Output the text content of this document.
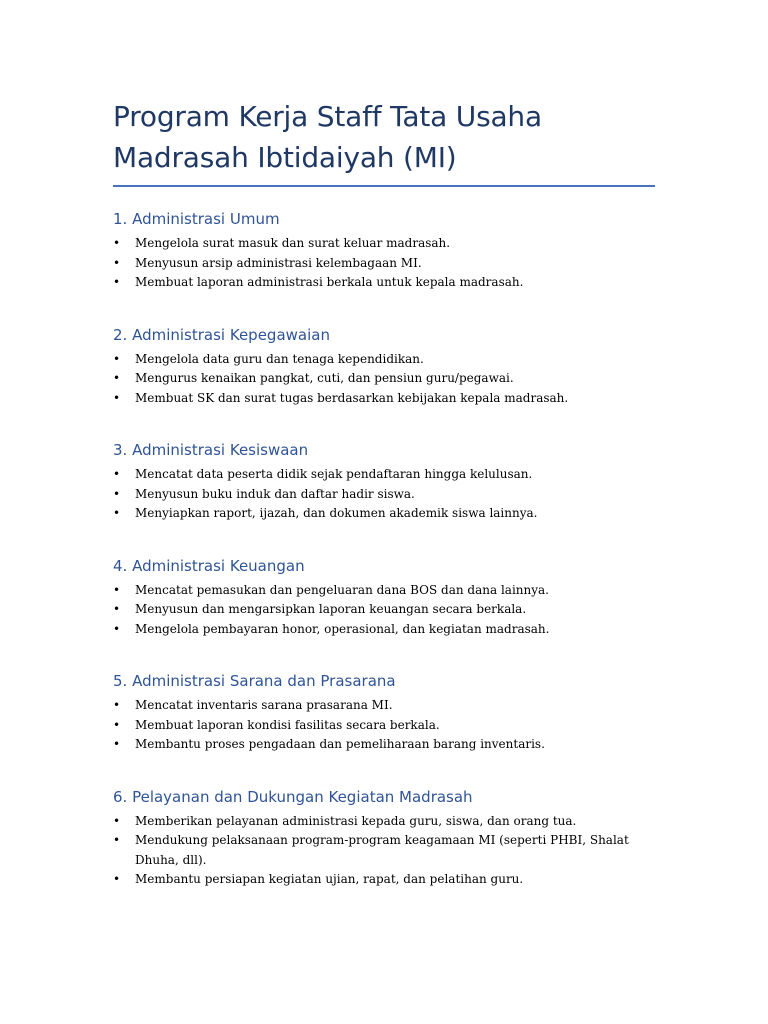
Program Kerja Staff Tata Usaha
Madrasah Ibtidaiyah (MI)
1. Administrasi Umum
• Mengelola surat masuk dan surat keluar madrasah.
• Menyusun arsip administrasi kelembagaan MI.
• Membuat laporan administrasi berkala untuk kepala madrasah.
2. Administrasi Kepegawaian
• Mengelola data guru dan tenaga kependidikan.
• Mengurus kenaikan pangkat, cuti, dan pensiun guru/pegawai.
• Membuat SK dan surat tugas berdasarkan kebijakan kepala madrasah.
3. Administrasi Kesiswaan
• Mencatat data peserta didik sejak pendaftaran hingga kelulusan.
• Menyusun buku induk dan daftar hadir siswa.
• Menyiapkan raport, ijazah, dan dokumen akademik siswa lainnya.
4. Administrasi Keuangan
• Mencatat pemasukan dan pengeluaran dana BOS dan dana lainnya.
• Menyusun dan mengarsipkan laporan keuangan secara berkala.
• Mengelola pembayaran honor, operasional, dan kegiatan madrasah.
5. Administrasi Sarana dan Prasarana
• Mencatat inventaris sarana prasarana MI.
• Membuat laporan kondisi fasilitas secara berkala.
• Membantu proses pengadaan dan pemeliharaan barang inventaris.
6. Pelayanan dan Dukungan Kegiatan Madrasah
• Memberikan pelayanan administrasi kepada guru, siswa, dan orang tua.
• Mendukung pelaksanaan program-program keagamaan MI (seperti PHBI, Shalat Dhuha, dll).
• Membantu persiapan kegiatan ujian, rapat, dan pelatihan guru.
